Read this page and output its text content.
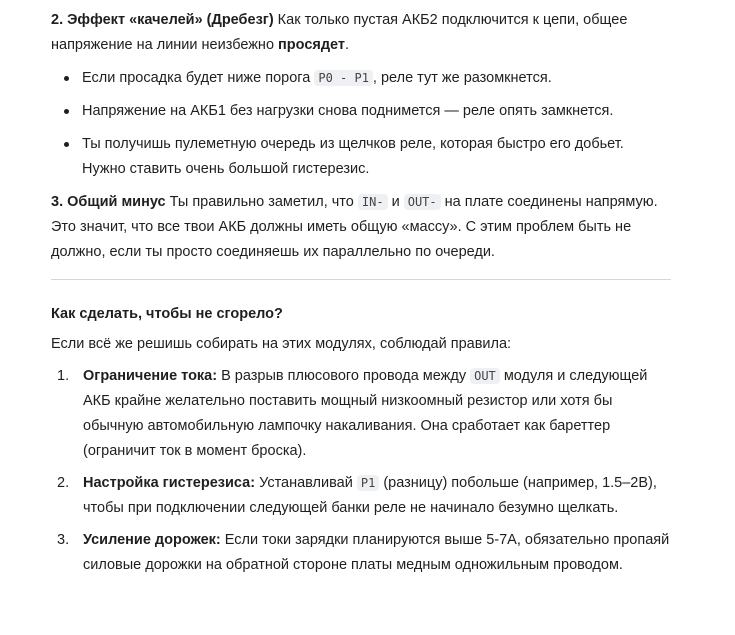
2. Эффект «качелей» (Дребезг) Как только пустая АКБ2 подключится к цепи, общее напряжение на линии неизбежно просядет.

Если просадка будет ниже порога P0 - P1 , реле тут же разомкнется.
Напряжение на АКБ1 без нагрузки снова поднимется — реле опять замкнется.
Ты получишь пулеметную очередь из щелчков реле, которая быстро его добьет. Нужно ставить очень большой гистерезис.

3. Общий минус Ты правильно заметил, что IN- и OUT- на плате соединены напрямую. Это значит, что все твои АКБ должны иметь общую «массу». С этим проблем быть не должно, если ты просто соединяешь их параллельно по очереди.

Как сделать, чтобы не сгорело?

Если всё же решишь собирать на этих модулях, соблюдай правила:

1. Ограничение тока: В разрыв плюсового провода между OUT модуля и следующей АКБ крайне желательно поставить мощный низкоомный резистор или хотя бы обычную автомобильную лампочку накаливания. Она сработает как бареттер (ограничит ток в момент броска).
2. Настройка гистерезиса: Устанавливай P1 (разницу) побольше (например, 1.5–2В), чтобы при подключении следующей банки реле не начинало безумно щелкать.
3. Усиление дорожек: Если токи зарядки планируются выше 5-7А, обязательно пропаяй силовые дорожки на обратной стороне платы медным одножильным проводом.
